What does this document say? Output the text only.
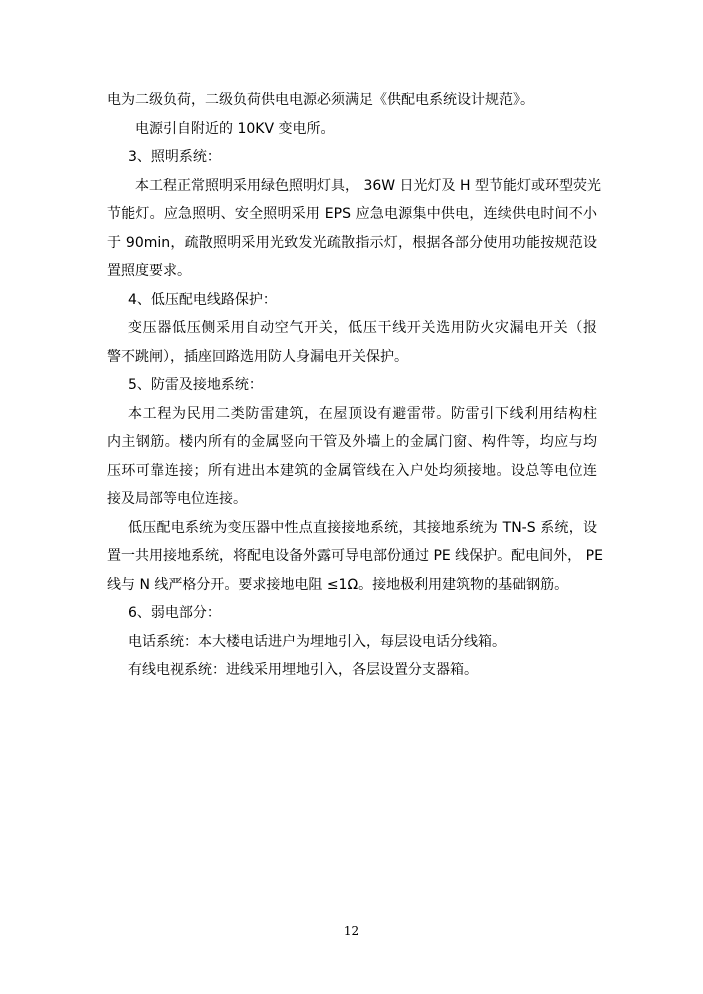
电为二级负荷，二级负荷供电电源必须满足《供配电系统设计规范》。
电源引自附近的 10KV 变电所。
3、照明系统：
本工程正常照明采用绿色照明灯具， 36W 日光灯及 H 型节能灯或环型荧光
节能灯。应急照明、安全照明采用 EPS 应急电源集中供电，连续供电时间不小
于 90min，疏散照明采用光致发光疏散指示灯，根据各部分使用功能按规范设
置照度要求。
4、低压配电线路保护：
变压器低压侧采用自动空气开关，低压干线开关选用防火灾漏电开关（报
警不跳闸），插座回路选用防人身漏电开关保护。
5、防雷及接地系统：
本工程为民用二类防雷建筑，在屋顶设有避雷带。防雷引下线利用结构柱
内主钢筋。楼内所有的金属竖向干管及外墙上的金属门窗、构件等，均应与均
压环可靠连接；所有进出本建筑的金属管线在入户处均须接地。设总等电位连
接及局部等电位连接。
低压配电系统为变压器中性点直接接地系统，其接地系统为 TN-S 系统，设
置一共用接地系统，将配电设备外露可导电部份通过 PE 线保护。配电间外， PE
线与 N 线严格分开。要求接地电阻 ≤1Ω。接地极利用建筑物的基础钢筋。
6、弱电部分：
电话系统：本大楼电话进户为埋地引入，每层设电话分线箱。
有线电视系统：进线采用埋地引入，各层设置分支器箱。
12
